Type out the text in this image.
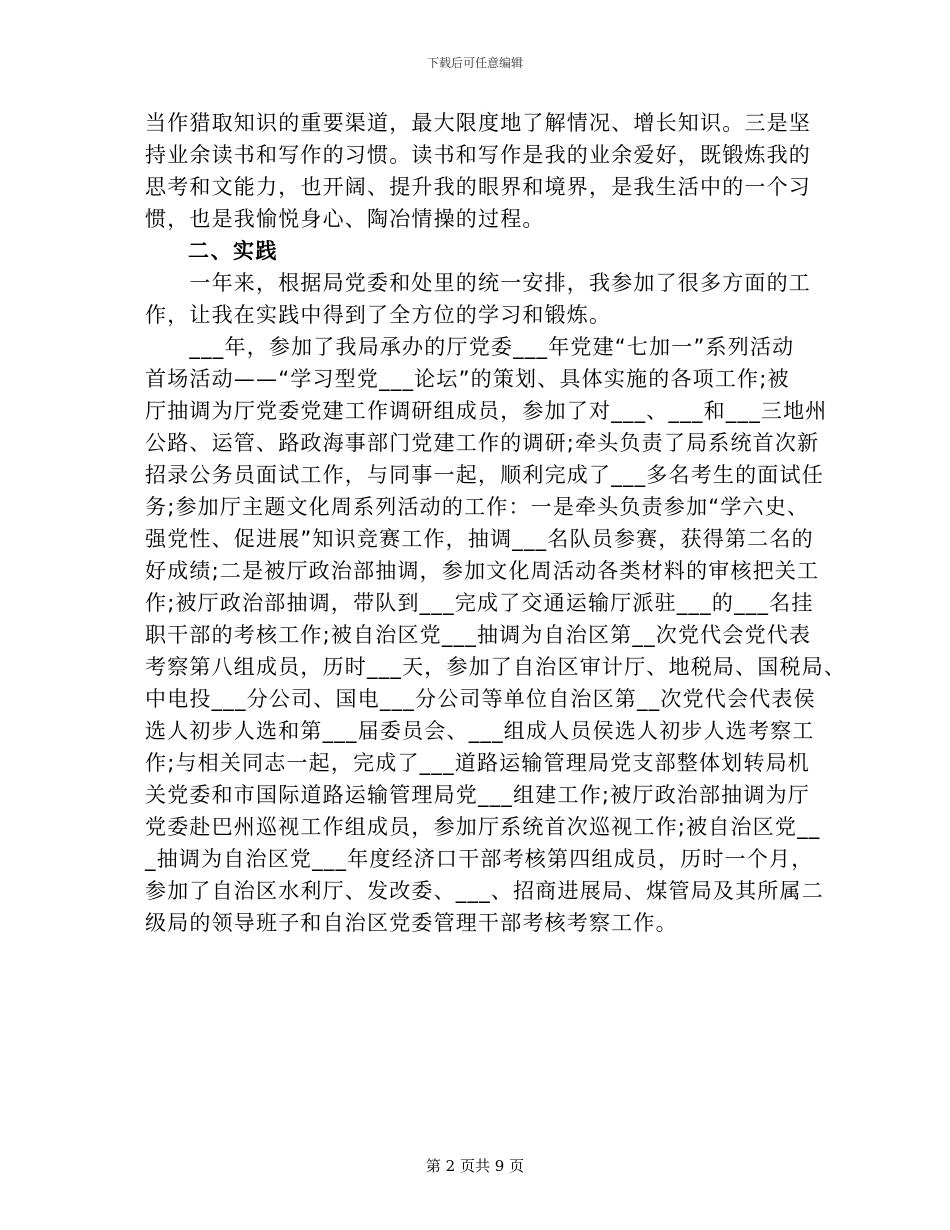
下载后可任意编辑
当作猎取知识的重要渠道，最大限度地了解情况、增长知识。三是坚
持业余读书和写作的习惯。读书和写作是我的业余爱好，既锻炼我的
思考和文能力，也开阔、提升我的眼界和境界，是我生活中的一个习
惯，也是我愉悦身心、陶冶情操的过程。
二、实践
　　一年来，根据局党委和处里的统一安排，我参加了很多方面的工
作，让我在实践中得到了全方位的学习和锻炼。
　　___年，参加了我局承办的厅党委___年党建“七加一”系列活动
首场活动——“学习型党___论坛”的策划、具体实施的各项工作;被
厅抽调为厅党委党建工作调研组成员，参加了对___、___和___三地州
公路、运管、路政海事部门党建工作的调研;牵头负责了局系统首次新
招录公务员面试工作，与同事一起，顺利完成了___多名考生的面试任
务;参加厅主题文化周系列活动的工作：一是牵头负责参加“学六史、
强党性、促进展”知识竞赛工作，抽调___名队员参赛，获得第二名的
好成绩;二是被厅政治部抽调，参加文化周活动各类材料的审核把关工
作;被厅政治部抽调，带队到___完成了交通运输厅派驻___的___名挂
职干部的考核工作;被自治区党___抽调为自治区第__次党代会党代表
考察第八组成员，历时___天，参加了自治区审计厅、地税局、国税局、
中电投___分公司、国电___分公司等单位自治区第__次党代会代表侯
选人初步人选和第___届委员会、___组成人员侯选人初步人选考察工
作;与相关同志一起，完成了___道路运输管理局党支部整体划转局机
关党委和市国际道路运输管理局党___组建工作;被厅政治部抽调为厅
党委赴巴州巡视工作组成员，参加厅系统首次巡视工作;被自治区党__
_抽调为自治区党___年度经济口干部考核第四组成员，历时一个月，
参加了自治区水利厅、发改委、___、招商进展局、煤管局及其所属二
级局的领导班子和自治区党委管理干部考核考察工作。
第 2 页共 9 页
